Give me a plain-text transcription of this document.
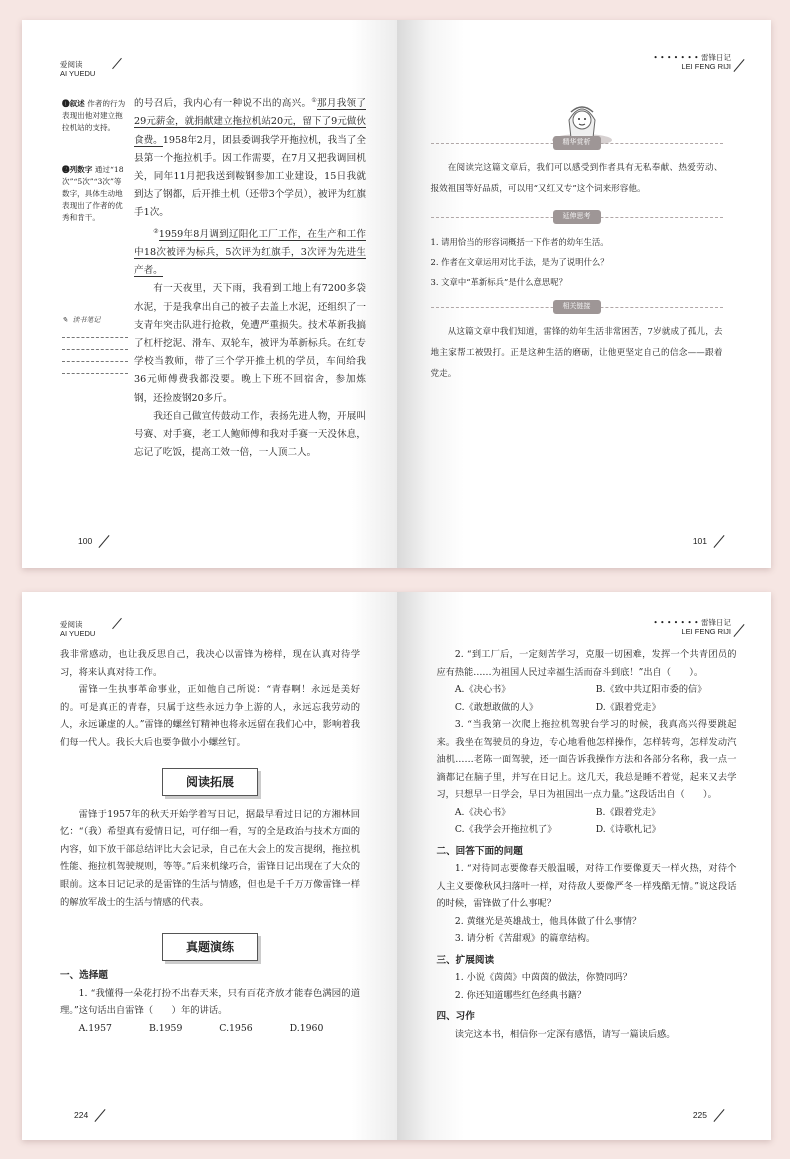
爱阅读
AI YUEDU
❶叙述 作者的行为表现出他对建立拖拉机站的支持。
❷列数字 通过“18次”“5次”“3次”等数字，具体生动地表现出了作者的优秀和肯干。
✎ 读书笔记

的号召后，我内心有一种说不出的高兴。①那月我领了29元薪金，就捐献建立拖拉机站20元，留下了9元做伙食费。1958年2月，团县委调我学开拖拉机，我当了全县第一个拖拉机手。因工作需要，在7月又把我调回机关，同年11月把我送到鞍钢参加工业建设，15日我就到达了钢都，后开推土机（还带3个学员），被评为红旗手1次。

②1959年8月调到辽阳化工厂工作，在生产和工作中18次被评为标兵，5次评为红旗手，3次评为先进生产者。

有一天夜里，天下雨，我看到工地上有7200多袋水泥，于是我拿出自己的被子去盖上水泥，还组织了一支青年突击队进行抢救，免遭严重损失。技术革新我搞了杠杆挖泥、滑车、双轮车，被评为革新标兵。在红专学校当教师，带了三个学开推土机的学员，车间给我36元师傅费我都没要。晚上下班不回宿舍，参加炼钢，还捡废钢20多斤。

我还自己做宣传鼓动工作，表扬先进人物，开展叫号赛、对手赛，老工人鲍师傅和我对手赛一天没休息，忘记了吃饭，提高工效一倍，一人顶二人。

100
• • • • • • • 雷锋日记
LEI FENG RIJI
精华赏析

在阅读完这篇文章后，我们可以感受到作者具有无私奉献、热爱劳动、报效祖国等好品质，可以用“又红又专”这个词来形容他。

延伸思考
1. 请用恰当的形容词概括一下作者的幼年生活。
2. 作者在文章运用对比手法，是为了说明什么？
3. 文章中“革新标兵”是什么意思呢？
相关链接

从这篇文章中我们知道，雷锋的幼年生活非常困苦，7岁就成了孤儿，去地主家帮工被毁打。正是这种生活的磨砺，让他更坚定自己的信念——跟着党走。

101
爱阅读
AI YUEDU

我非常感动，也让我反思自己，我决心以雷锋为榜样，现在认真对待学习，将来认真对待工作。

雷锋一生执事革命事业，正如他自己所说：“青春啊！永远是美好的。可是真正的青春，只属于这些永远力争上游的人，永远忘我劳动的人，永远谦虚的人。”雷锋的螺丝钉精神也将永远留在我们心中，影响着我们每一代人。我长大后也要争做小小螺丝钉。

阅读拓展

雷锋于1957年的秋天开始学着写日记，据最早看过日记的方湘林回忆：“（我）希望真有爱情日记，可仔细一看，写的全是政治与技术方面的内容，如下放干部总结评比大会记录，自己在大会上的发言提纲，拖拉机性能、拖拉机驾驶规则，等等。”后来机缘巧合，雷锋日记出现在了大众的眼前。这本日记记录的是雷锋的生活与情感，但也是千千万万像雷锋一样的解放军战士的生活与情感的代表。

真题演练
一、选择题

1. “我懂得一朵花打扮不出春天来，只有百花齐放才能春色满园的道理。”这句话出自雷锋（　　）年的讲话。

A.1957	B.1959	C.1956	D.1960
224
• • • • • • • 雷锋日记
LEI FENG RIJI

2. “到工厂后，一定刻苦学习，克服一切困难，发挥一个共青团员的应有热能……为祖国人民过幸福生活而奋斗到底！”出自（　　）。

A.《决心书》	B.《致中共辽阳市委的信》
C.《敢想敢做的人》	D.《跟着党走》

3. “当我第一次爬上拖拉机驾驶台学习的时候，我真高兴得要跳起来。我坐在驾驶员的身边，专心地看他怎样操作，怎样转弯，怎样发动汽油机……老陈一面驾驶，还一面告诉我操作方法和各部分名称，我一点一滴都记在脑子里，并写在日记上。这几天，我总是睡不着觉，起来又去学习，只想早一日学会，早日为祖国出一点力量。”这段话出自（　　）。

A.《决心书》	B.《跟着党走》
C.《我学会开拖拉机了》	D.《诗歌札记》
二、回答下面的问题

1. “对待同志要像春天般温暖，对待工作要像夏天一样火热，对待个人主义要像秋风扫落叶一样，对待敌人要像严冬一样残酷无情。”说这段话的时候，雷锋做了什么事呢？

2. 黄继光是英雄战士，他具体做了什么事情？

3. 请分析《苦甜观》的篇章结构。

三、扩展阅读

1. 小说《茵茵》中茵茵的做法，你赞同吗？

2. 你还知道哪些红色经典书籍？

四、习作

读完这本书，相信你一定深有感悟，请写一篇读后感。

225
